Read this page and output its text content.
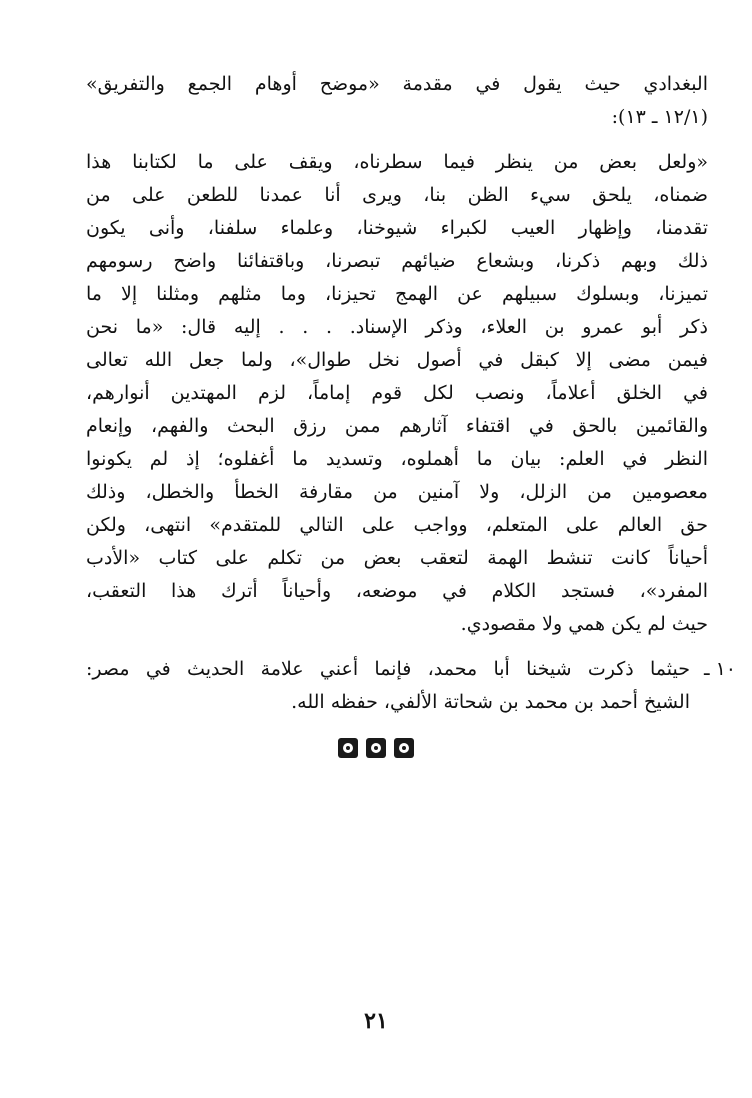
البغدادي حيث يقول في مقدمة «موضح أوهام الجمع والتفريق»
(١٢/١ ـ ١٣):
«ولعل بعض من ينظر فيما سطرناه، ويقف على ما لكتابنا هذا
ضمناه، يلحق سيء الظن بنا، ويرى أنا عمدنا للطعن على من
تقدمنا، وإظهار العيب لكبراء شيوخنا، وعلماء سلفنا، وأنى يكون
ذلك وبهم ذكرنا، وبشعاع ضيائهم تبصرنا، وباقتفائنا واضح رسومهم
تميزنا، وبسلوك سبيلهم عن الهمج تحيزنا، وما مثلهم ومثلنا إلا ما
ذكر أبو عمرو بن العلاء، وذكر الإسناد. . . . إليه قال: «ما نحن
فيمن مضى إلا كبقل في أصول نخل طوال»، ولما جعل الله تعالى
في الخلق أعلاماً، ونصب لكل قوم إماماً، لزم المهتدين أنوارهم،
والقائمين بالحق في اقتفاء آثارهم ممن رزق البحث والفهم، وإنعام
النظر في العلم: بيان ما أهملوه، وتسديد ما أغفلوه؛ إذ لم يكونوا
معصومين من الزلل، ولا آمنين من مقارفة الخطأ والخطل، وذلك
حق العالم على المتعلم، وواجب على التالي للمتقدم» انتهى، ولكن
أحياناً كانت تنشط الهمة لتعقب بعض من تكلم على كتاب «الأدب
المفرد»، فستجد الكلام في موضعه، وأحياناً أترك هذا التعقب،
حيث لم يكن همي ولا مقصودي.
١٠ ـ
حيثما ذكرت شيخنا أبا محمد، فإنما أعني علامة الحديث في مصر:
الشيخ أحمد بن محمد بن شحاتة الألفي، حفظه الله.
٢١
